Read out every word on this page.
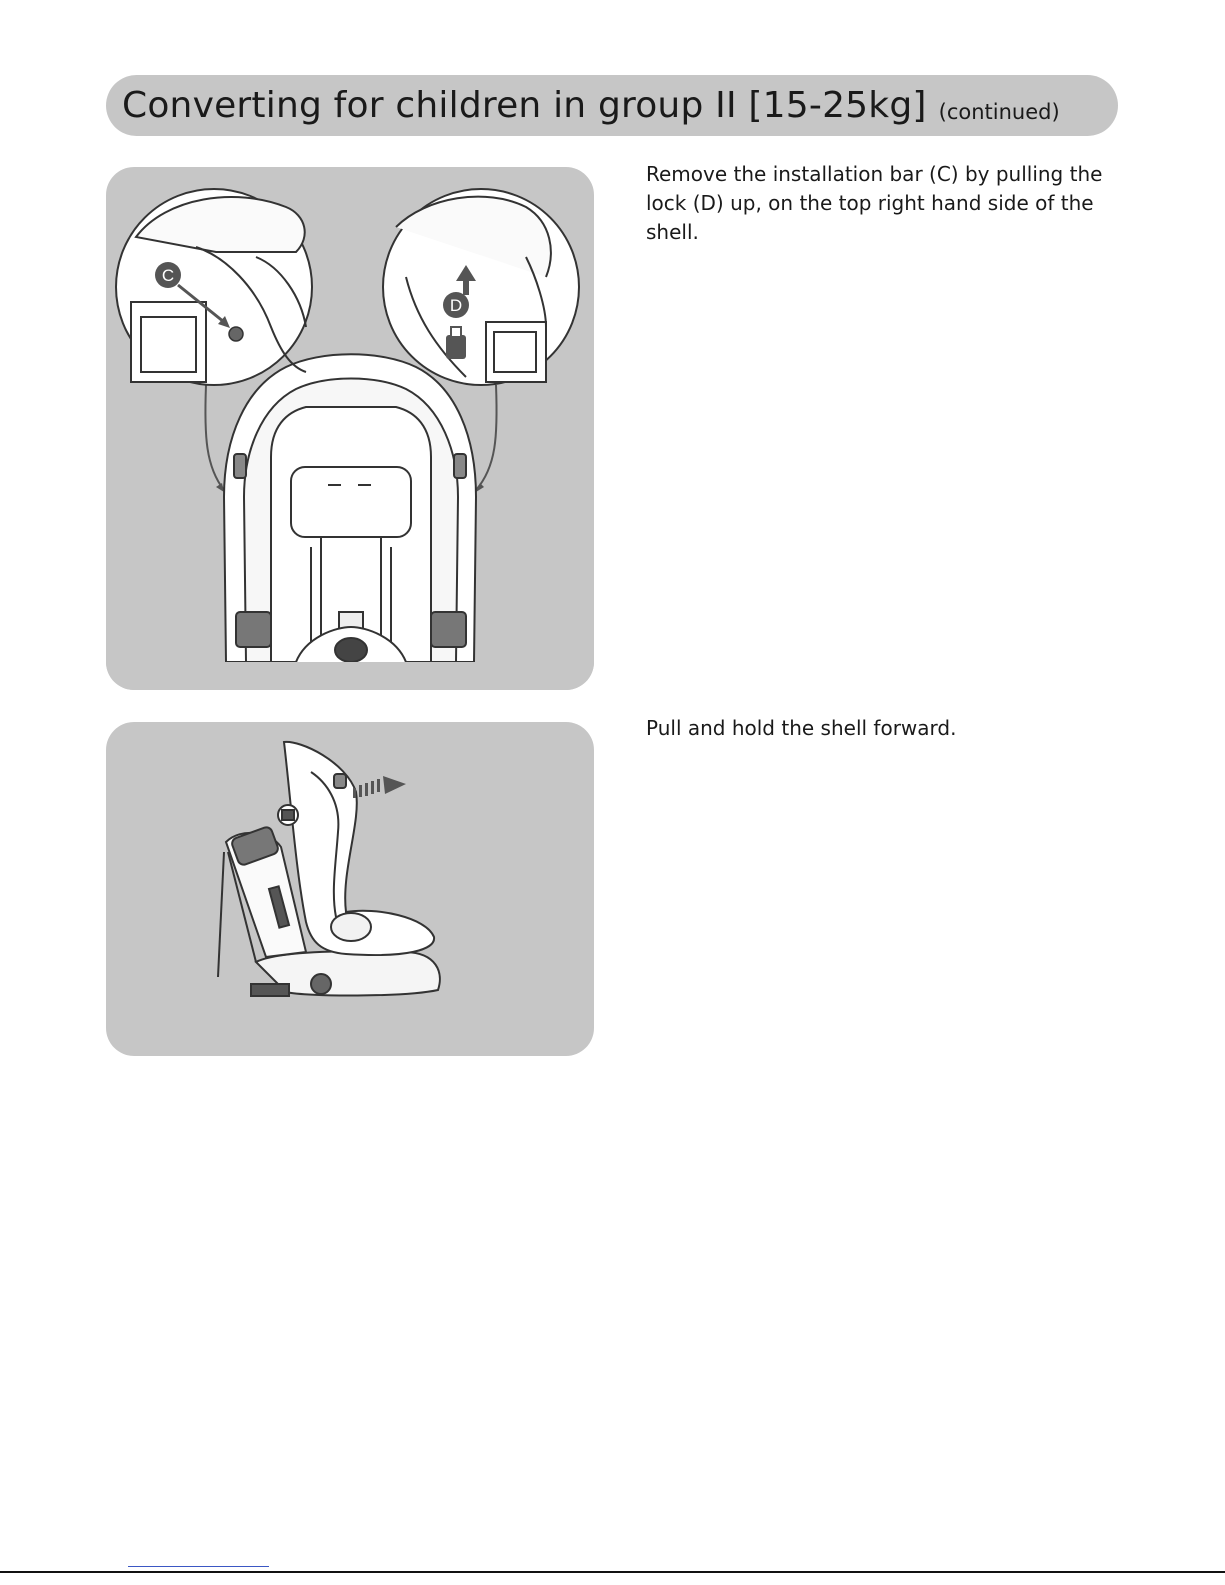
Converting for children in group II [15-25kg] (continued)
C
D

Remove the installation bar (C) by pulling the lock (D) up, on the top right hand side of the shell.

Pull and hold the shell forward.
